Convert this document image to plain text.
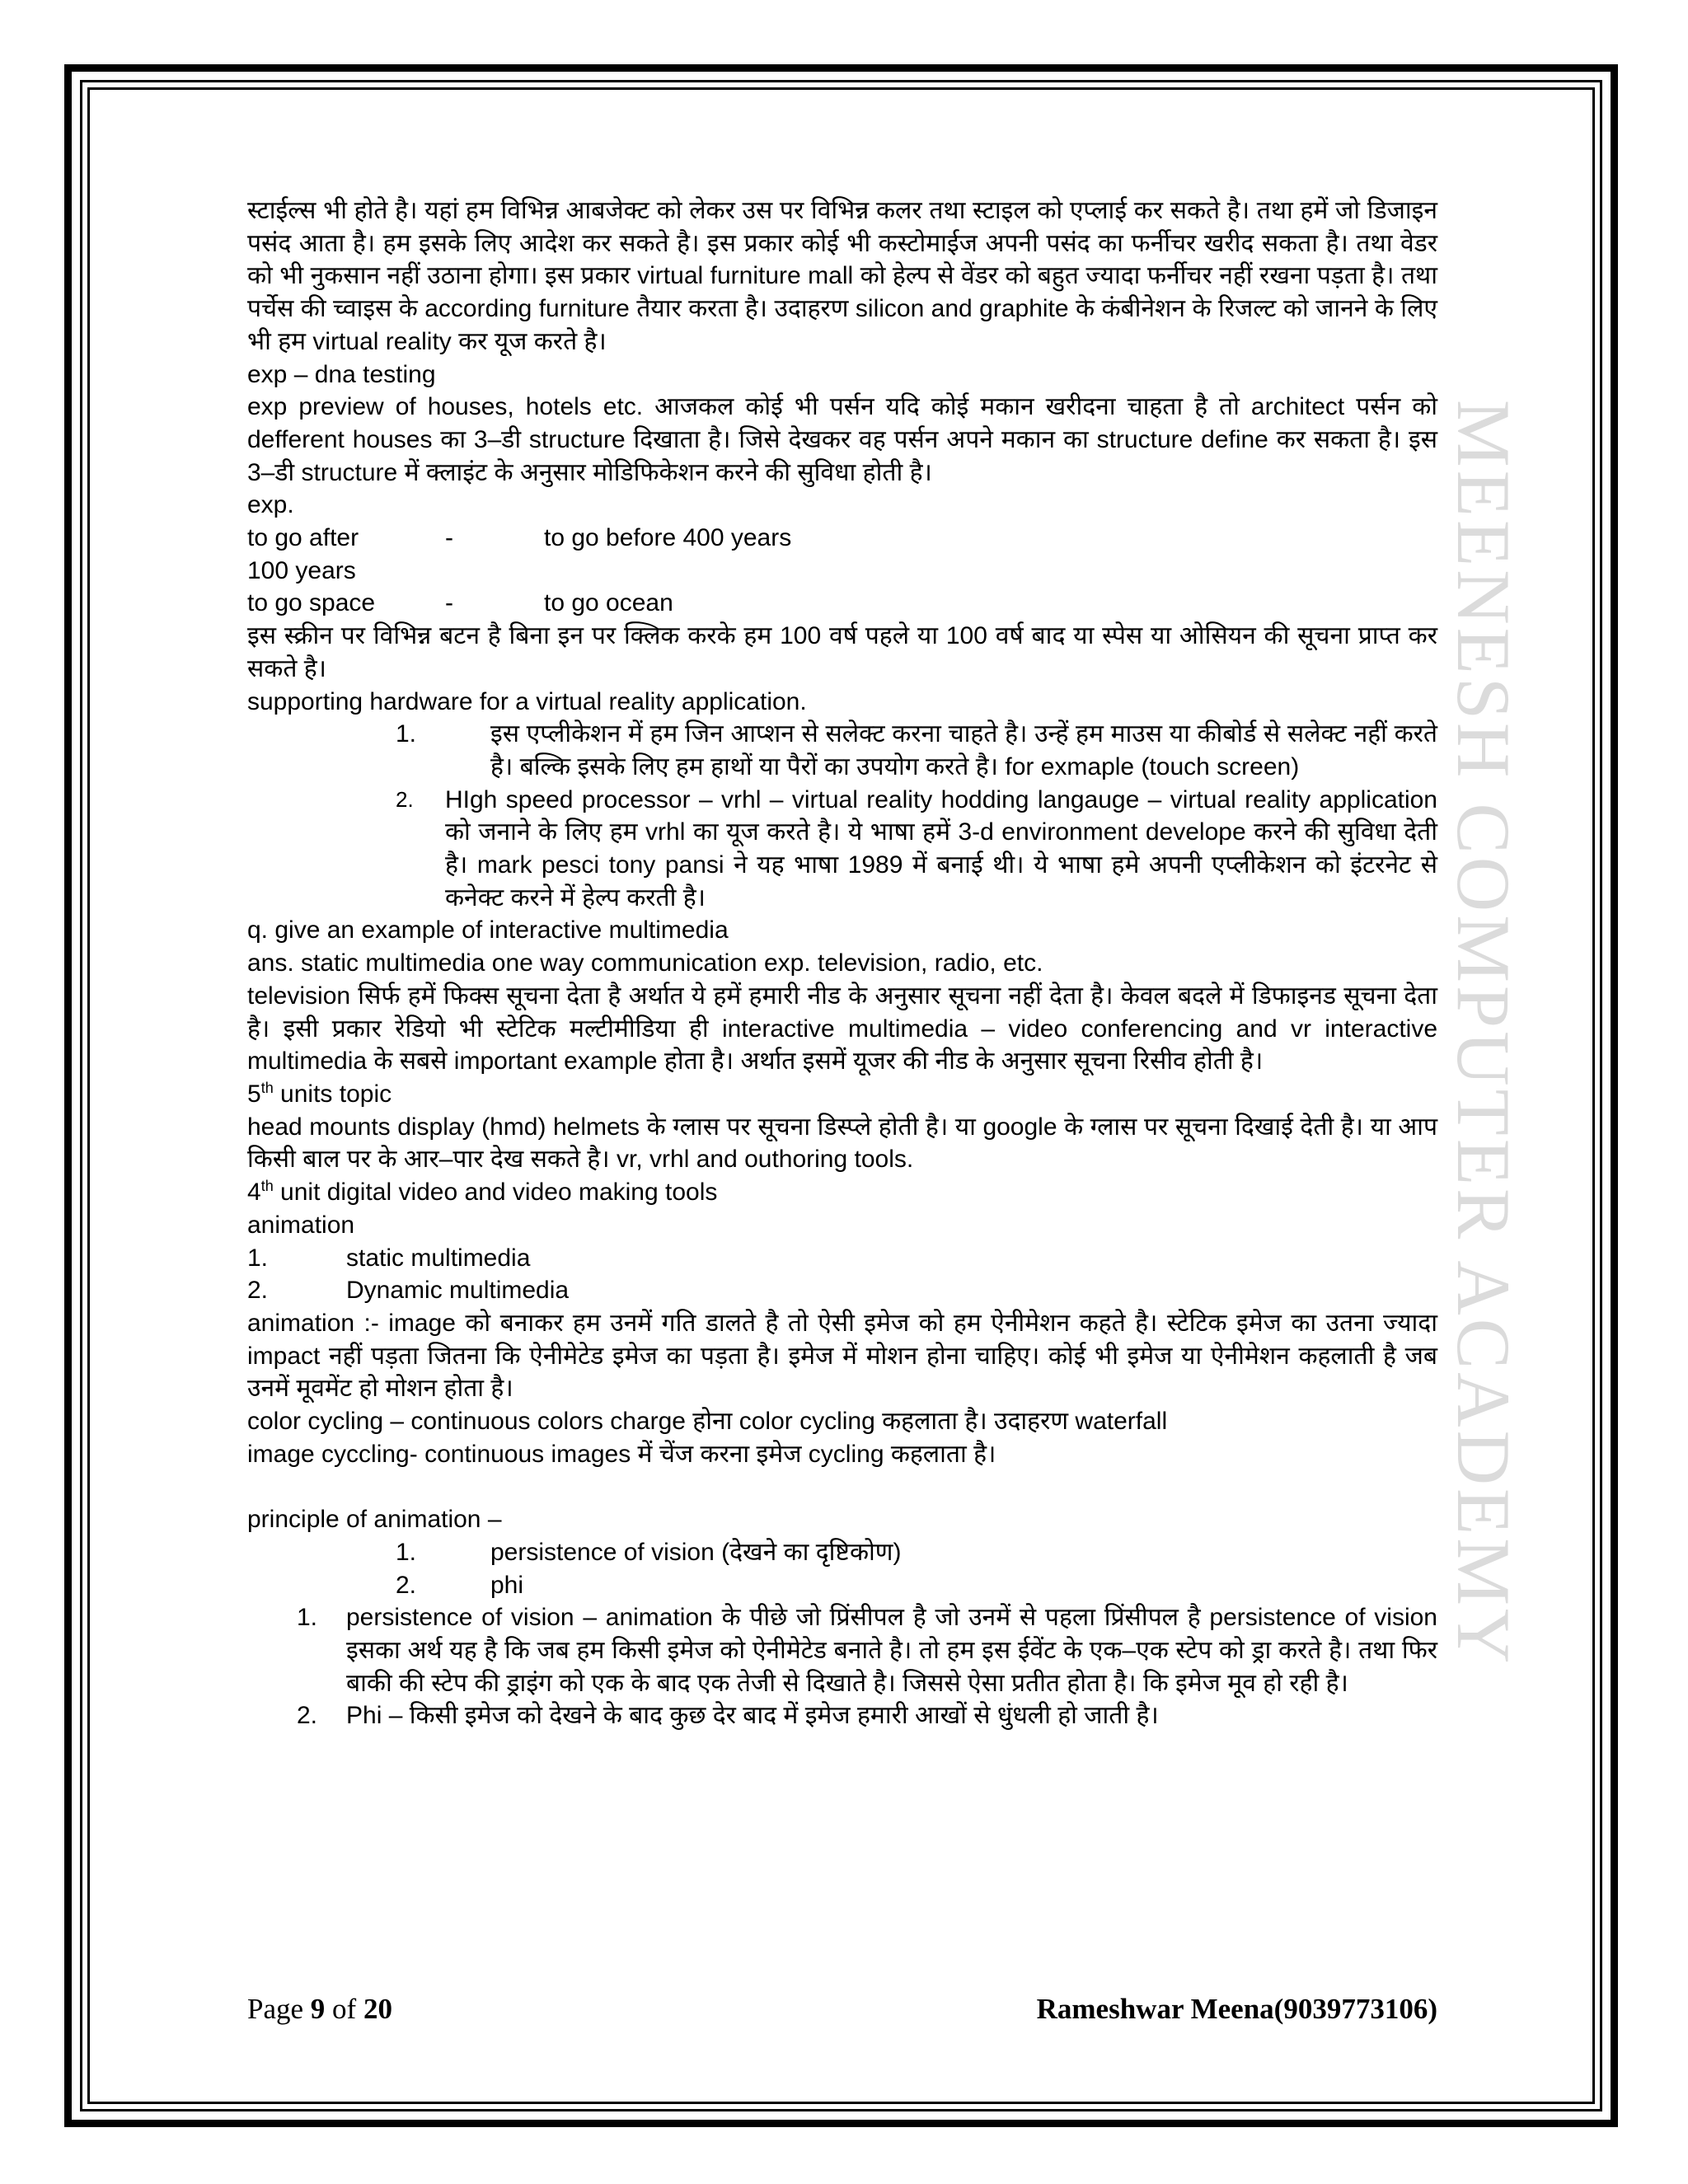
MEENESH COMPUTER ACADEMY

स्टाईल्स भी होते है। यहां हम विभिन्न आबजेक्ट को लेकर उस पर विभिन्न कलर तथा स्टाइल को एप्लाई कर सकते है। तथा हमें जो डिजाइन पसंद आता है। हम इसके लिए आदेश कर सकते है। इस प्रकार कोई भी कस्टोमाईज अपनी पसंद का फर्नीचर खरीद सकता है। तथा वेडर को भी नुकसान नहीं उठाना होगा। इस प्रकार virtual furniture mall को हेल्प से वेंडर को बहुत ज्यादा फर्नीचर नहीं रखना पड़ता है। तथा पर्चेस की च्वाइस के according furniture तैयार करता है। उदाहरण silicon and graphite के कंबीनेशन के रिजल्ट को जानने के लिए भी हम virtual reality कर यूज करते है।

exp – dna testing

exp preview of houses, hotels etc. आजकल कोई भी पर्सन यदि कोई मकान खरीदना चाहता है तो architect पर्सन को defferent houses का 3–डी structure दिखाता है। जिसे देखकर वह पर्सन अपने मकान का structure define कर सकता है। इस 3–डी structure में क्लाइंट के अनुसार मोडिफिकेशन करने की सुविधा होती है।

exp.

to go after	-	to go before 400 years

100 years

to go space	-	to go ocean

इस स्क्रीन पर विभिन्न बटन है बिना इन पर क्लिक करके हम 100 वर्ष पहले या 100 वर्ष बाद या स्पेस या ओसियन की सूचना प्राप्त कर सकते है।

supporting hardware for a virtual reality application.

1.	इस एप्लीकेशन में हम जिन आप्शन से सलेक्ट करना चाहते है। उन्हें हम माउस या कीबोर्ड से सलेक्ट नहीं करते है। बल्कि इसके लिए हम हाथों या पैरों का उपयोग करते है। for exmaple (touch screen)
2.	HIgh speed processor – vrhl – virtual reality hodding langauge – virtual reality application को जनाने के लिए हम vrhl का यूज करते है। ये भाषा हमें 3-d environment develope करने की सुविधा देती है। mark pesci tony pansi ने यह भाषा 1989 में बनाई थी। ये भाषा हमे अपनी एप्लीकेशन को इंटरनेट से कनेक्ट करने में हेल्प करती है।

q. give an example of interactive multimedia

ans. static multimedia one way communication exp. television, radio, etc.

television सिर्फ हमें फिक्स सूचना देता है अर्थात ये हमें हमारी नीड के अनुसार सूचना नहीं देता है। केवल बदले में डिफाइनड सूचना देता है। इसी प्रकार रेडियो भी स्टेटिक मल्टीमीडिया ही interactive multimedia – video conferencing and vr interactive multimedia के सबसे important example होता है। अर्थात इसमें यूजर की नीड के अनुसार सूचना रिसीव होती है।

5th units topic

head mounts display (hmd) helmets के ग्लास पर सूचना डिस्प्ले होती है। या google के ग्लास पर सूचना दिखाई देती है। या आप किसी बाल पर के आर–पार देख सकते है। vr, vrhl and outhoring tools.

4th unit digital video and video making tools

animation

1.	static multimedia
2.	Dynamic multimedia

animation :- image को बनाकर हम उनमें गति डालते है तो ऐसी इमेज को हम ऐनीमेशन कहते है। स्टेटिक इमेज का उतना ज्यादा impact नहीं पड़ता जितना कि ऐनीमेटेड इमेज का पड़ता है। इमेज में मोशन होना चाहिए। कोई भी इमेज या ऐनीमेशन कहलाती है जब उनमें मूवमेंट हो मोशन होता है।

color cycling – continuous colors charge होना color cycling कहलाता है। उदाहरण waterfall

image cyccling- continuous images में चेंज करना इमेज cycling कहलाता है।

principle of animation –

1.	persistence of vision (देखने का दृष्टिकोण)
2.	phi
1.	persistence of vision – animation के पीछे जो प्रिंसीपल है जो उनमें से पहला प्रिंसीपल है persistence of vision इसका अर्थ यह है कि जब हम किसी इमेज को ऐनीमेटेड बनाते है। तो हम इस ईवेंट के एक–एक स्टेप को ड्रा करते है। तथा फिर बाकी की स्टेप की ड्राइंग को एक के बाद एक तेजी से दिखाते है। जिससे ऐसा प्रतीत होता है। कि इमेज मूव हो रही है।
2.	Phi – किसी इमेज को देखने के बाद कुछ देर बाद में इमेज हमारी आखों से धुंधली हो जाती है।
Page 9 of 20	Rameshwar Meena(9039773106)
